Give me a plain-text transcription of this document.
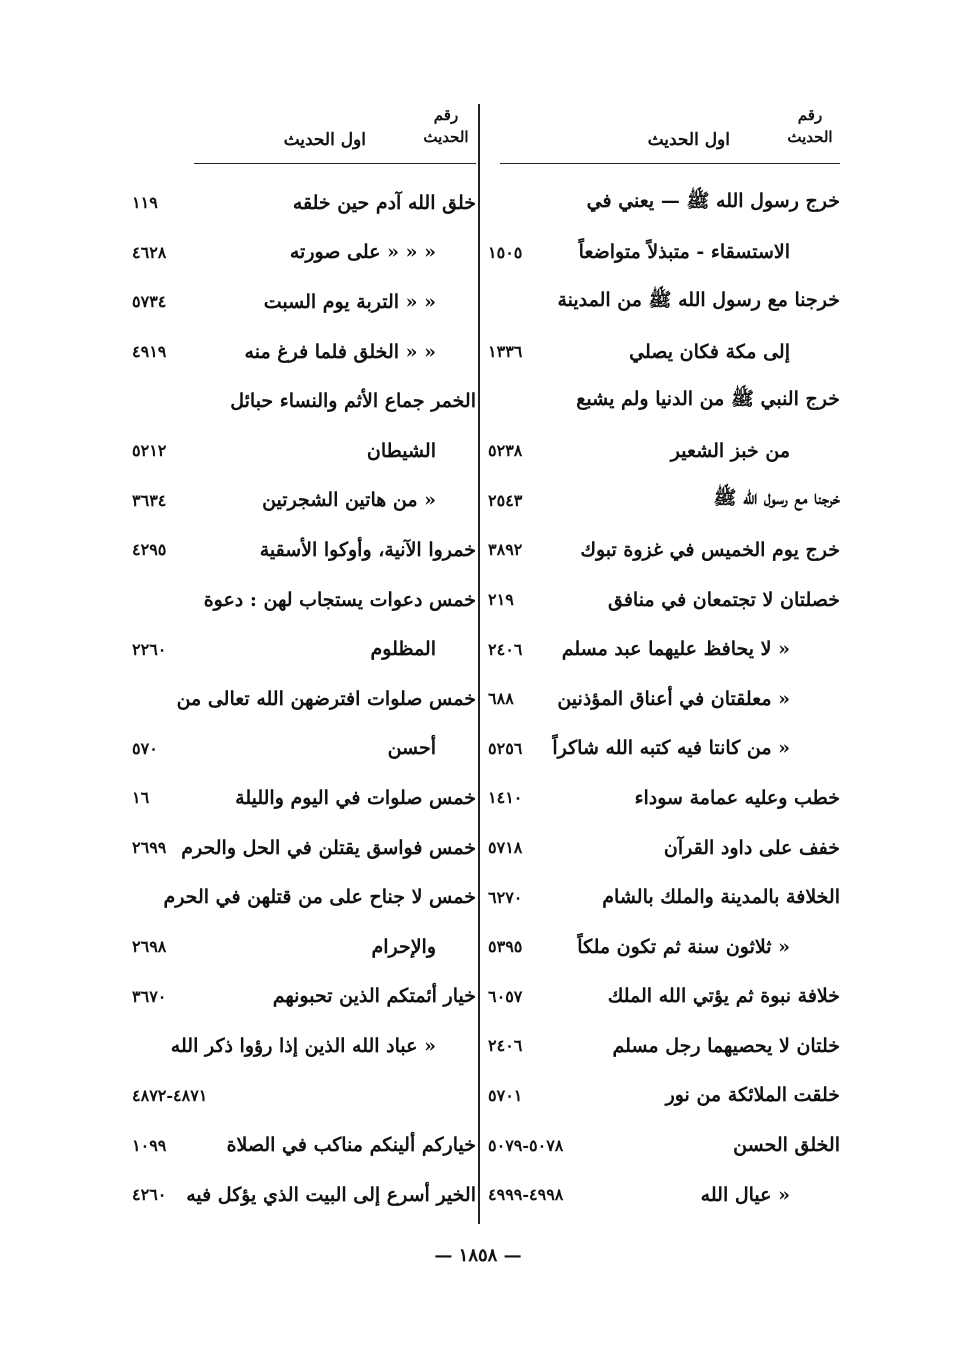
رقم
الحديث
اول الحديث
خرج رسول الله ﷺ — يعني في
الاستسقاء - متبذلاً متواضعاً
١٥٠٥
خرجنا مع رسول الله ﷺ من المدينة
إلى مكة فكان يصلي
١٣٣٦
خرج النبي ﷺ من الدنيا ولم يشبع
من خبز الشعير
٥٢٣٨
خرجنا مع رسول الله ﷺ
٢٥٤٣
خرج يوم الخميس في غزوة تبوك
٣٨٩٢
خصلتان لا تجتمعان في منافق
٢١٩
« لا يحافظ عليهما عبد مسلم
٢٤٠٦
« معلقتان في أعناق المؤذنين
٦٨٨
« من كانتا فيه كتبه الله شاكراً
٥٢٥٦
خطب وعليه عمامة سوداء
١٤١٠
خفف على داود القرآن
٥٧١٨
الخلافة بالمدينة والملك بالشام
٦٢٧٠
« ثلاثون سنة ثم تكون ملكاً
٥٣٩٥
خلافة نبوة ثم يؤتي الله الملك
٦٠٥٧
خلتان لا يحصيهما رجل مسلم
٢٤٠٦
خلقت الملائكة من نور
٥٧٠١
الخلق الحسن
٥٠٧٨-٥٠٧٩
« عيال الله
٤٩٩٨-٤٩٩٩
رقم
الحديث
اول الحديث
خلق الله آدم حين خلقه
١١٩
« « « على صورته
٤٦٢٨
« « التربة يوم السبت
٥٧٣٤
« « الخلق فلما فرغ منه
٤٩١٩
الخمر جماع الأثم والنساء حبائل
الشيطان
٥٢١٢
« من هاتين الشجرتين
٣٦٣٤
خمروا الآنية، وأوكوا الأسقية
٤٢٩٥
خمس دعوات يستجاب لهن : دعوة
المظلوم
٢٢٦٠
خمس صلوات افترضهن الله تعالى من
أحسن
٥٧٠
خمس صلوات في اليوم والليلة
١٦
خمس فواسق يقتلن في الحل والحرم
٢٦٩٩
خمس لا جناح على من قتلهن في الحرم
والإحرام
٢٦٩٨
خيار أئمتكم الذين تحبونهم
٣٦٧٠
« عباد الله الذين إذا رؤوا ذكر الله
٤٨٧١-٤٨٧٢
خياركم ألينكم مناكب في الصلاة
١٠٩٩
الخير أسرع إلى البيت الذي يؤكل فيه
٤٢٦٠
— ١٨٥٨ —
